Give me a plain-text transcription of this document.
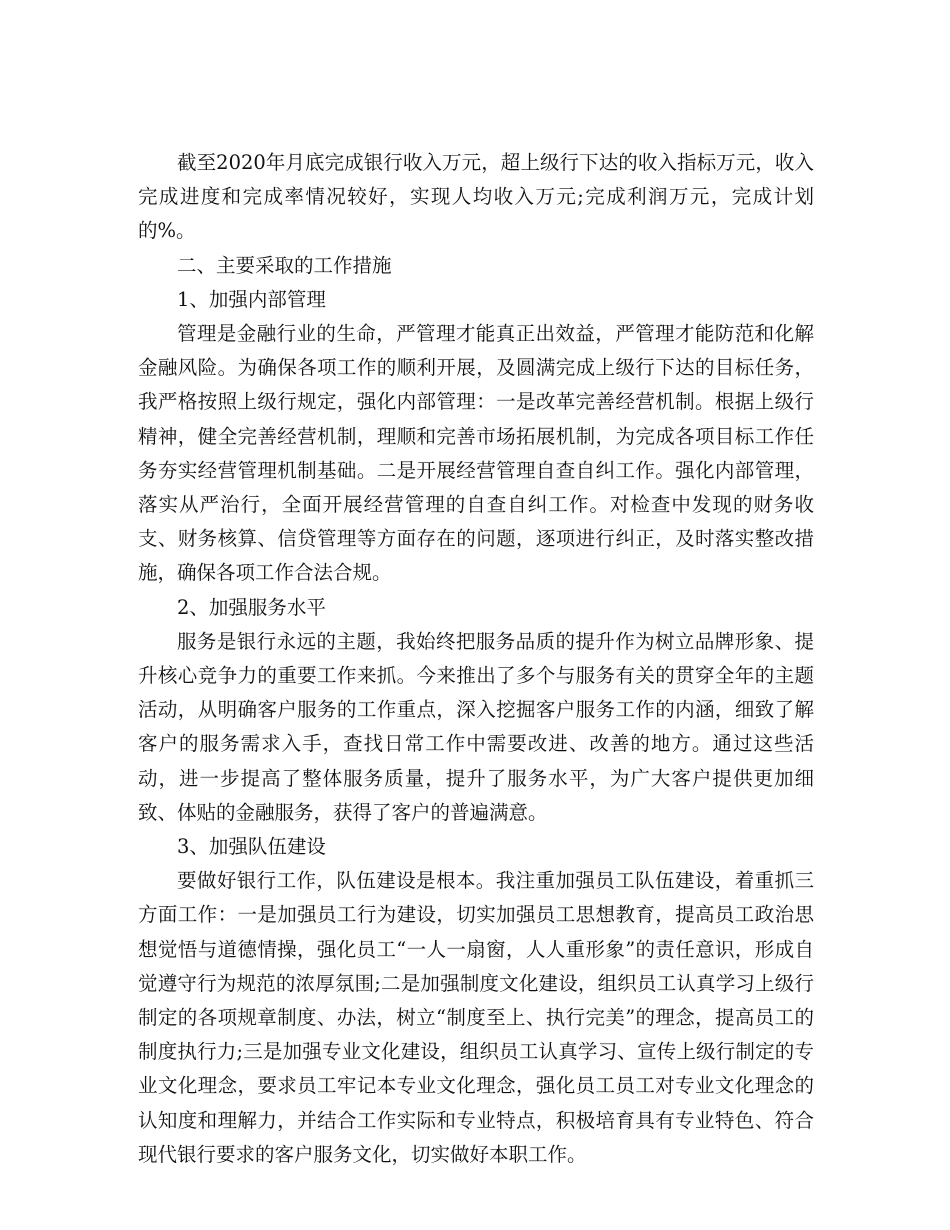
截至2020年月底完成银行收入万元，超上级行下达的收入指标万元，收入完成进度和完成率情况较好，实现人均收入万元;完成利润万元，完成计划的%。

二、主要采取的工作措施

1、加强内部管理

管理是金融行业的生命，严管理才能真正出效益，严管理才能防范和化解金融风险。为确保各项工作的顺利开展，及圆满完成上级行下达的目标任务，我严格按照上级行规定，强化内部管理：一是改革完善经营机制。根据上级行精神，健全完善经营机制，理顺和完善市场拓展机制，为完成各项目标工作任务夯实经营管理机制基础。二是开展经营管理自查自纠工作。强化内部管理，落实从严治行，全面开展经营管理的自查自纠工作。对检查中发现的财务收支、财务核算、信贷管理等方面存在的问题，逐项进行纠正，及时落实整改措施，确保各项工作合法合规。

2、加强服务水平

服务是银行永远的主题，我始终把服务品质的提升作为树立品牌形象、提升核心竞争力的重要工作来抓。今来推出了多个与服务有关的贯穿全年的主题活动，从明确客户服务的工作重点，深入挖掘客户服务工作的内涵，细致了解客户的服务需求入手，查找日常工作中需要改进、改善的地方。通过这些活动，进一步提高了整体服务质量，提升了服务水平，为广大客户提供更加细致、体贴的金融服务，获得了客户的普遍满意。

3、加强队伍建设

要做好银行工作，队伍建设是根本。我注重加强员工队伍建设，着重抓三方面工作：一是加强员工行为建设，切实加强员工思想教育，提高员工政治思想觉悟与道德情操，强化员工“一人一扇窗，人人重形象”的责任意识，形成自觉遵守行为规范的浓厚氛围;二是加强制度文化建设，组织员工认真学习上级行制定的各项规章制度、办法，树立“制度至上、执行完美”的理念，提高员工的制度执行力;三是加强专业文化建设，组织员工认真学习、宣传上级行制定的专业文化理念，要求员工牢记本专业文化理念，强化员工员工对专业文化理念的认知度和理解力，并结合工作实际和专业特点，积极培育具有专业特色、符合现代银行要求的客户服务文化，切实做好本职工作。
